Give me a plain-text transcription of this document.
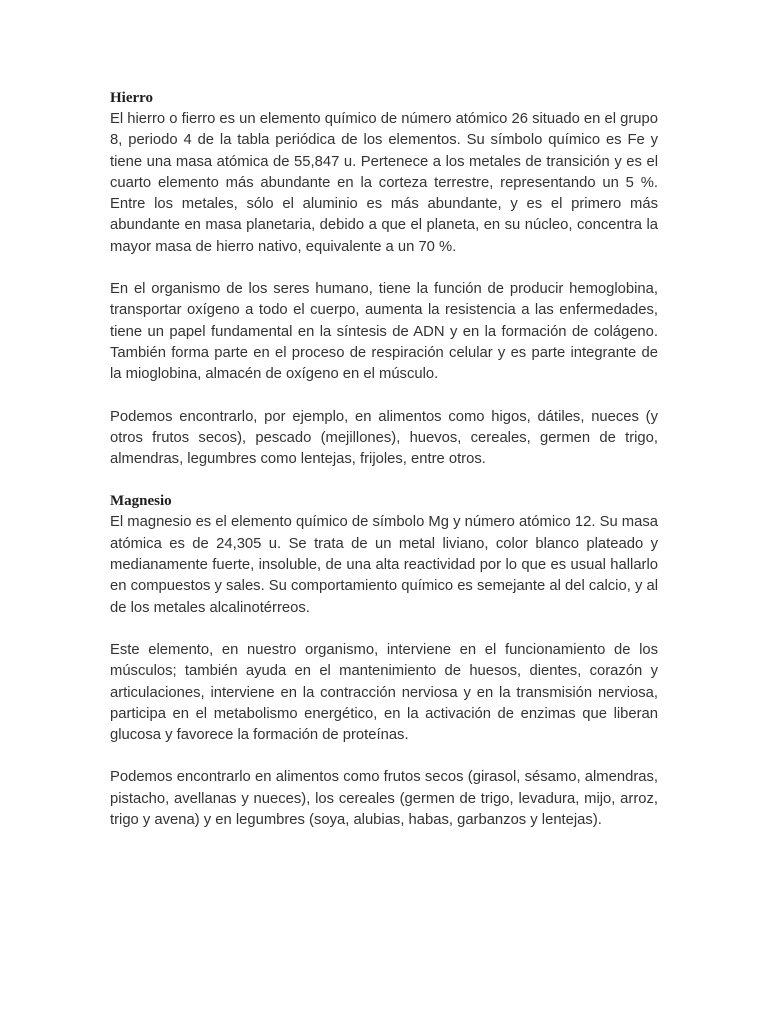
Hierro

El hierro o fierro es un elemento químico de número atómico 26 situado en el grupo 8, periodo 4 de la tabla periódica de los elementos. Su símbolo químico es Fe y tiene una masa atómica de 55,847 u. Pertenece a los metales de transición y es el cuarto elemento más abundante en la corteza terrestre, representando un 5 %. Entre los metales, sólo el aluminio es más abundante, y es el primero más abundante en masa planetaria, debido a que el planeta, en su núcleo, concentra la mayor masa de hierro nativo, equivalente a un 70 %.

En el organismo de los seres humano, tiene la función de producir hemoglobina, transportar oxígeno a todo el cuerpo, aumenta la resistencia a las enfermedades, tiene un papel fundamental en la síntesis de ADN y en la formación de colágeno. También forma parte en el proceso de respiración celular y es parte integrante de la mioglobina, almacén de oxígeno en el músculo.

Podemos encontrarlo, por ejemplo, en alimentos como higos, dátiles, nueces (y otros frutos secos), pescado (mejillones), huevos, cereales, germen de trigo, almendras, legumbres como lentejas, frijoles, entre otros.

Magnesio

El magnesio es el elemento químico de símbolo Mg y número atómico 12. Su masa atómica es de 24,305 u. Se trata de un metal liviano, color blanco plateado y medianamente fuerte, insoluble, de una alta reactividad por lo que es usual hallarlo en compuestos y sales. Su comportamiento químico es semejante al del calcio, y al de los metales alcalinotérreos.

Este elemento, en nuestro organismo, interviene en el funcionamiento de los músculos; también ayuda en el mantenimiento de huesos, dientes, corazón y articulaciones, interviene en la contracción nerviosa y en la transmisión nerviosa, participa en el metabolismo energético, en la activación de enzimas que liberan glucosa y favorece la formación de proteínas.

Podemos encontrarlo en alimentos como frutos secos (girasol, sésamo, almendras, pistacho, avellanas y nueces), los cereales (germen de trigo, levadura, mijo, arroz, trigo y avena) y en legumbres (soya, alubias, habas, garbanzos y lentejas).
